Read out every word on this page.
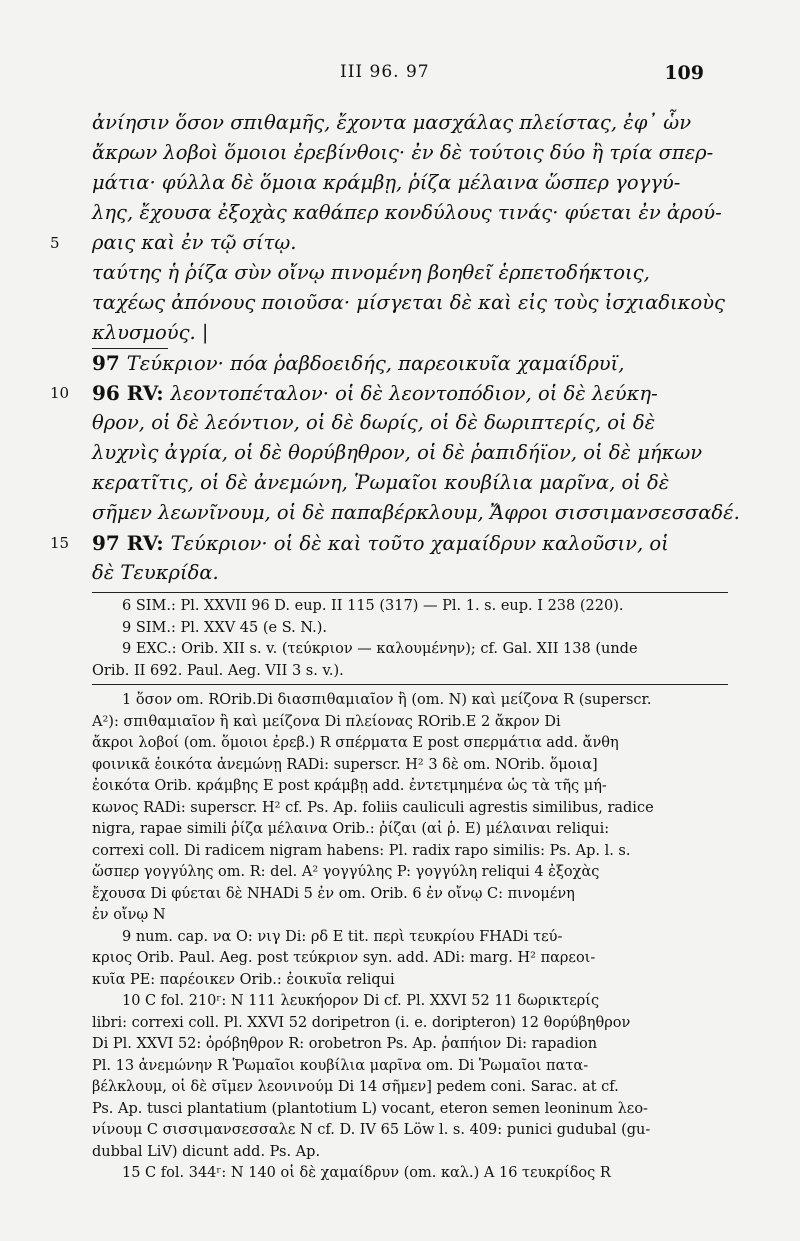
III 96. 97	109
ἀνίησιν ὅσον σπιθαμῆς, ἔχοντα μασχάλας πλείστας, ἐφ᾽ ὧν
ἄκρων λοβοὶ ὅμοιοι ἐρεβίνθοις· ἐν δὲ τούτοις δύο ἢ τρία σπερ-
μάτια· φύλλα δὲ ὅμοια κράμβῃ, ῥίζα μέλαινα ὥσπερ γογγύ-
λης, ἔχουσα ἐξοχὰς καθάπερ κονδύλους τινάς· φύεται ἐν ἀρού-
5 ραις καὶ ἐν τῷ σίτῳ.
ταύτης ἡ ῥίζα σὺν οἴνῳ πινομένη βοηθεῖ ἑρπετοδήκτοις,
ταχέως ἀπόνους ποιοῦσα· μίσγεται δὲ καὶ εἰς τοὺς ἰσχιαδικοὺς
κλυσμούς. |
97 Τεύκριον· πόα ῥαβδοειδής, παρεοικυῖα χαμαίδρυϊ,
10 96 RV: λεοντοπέταλον· οἱ δὲ λεοντοπόδιον, οἱ δὲ λεύκη-
θρον, οἱ δὲ λεόντιον, οἱ δὲ δωρίς, οἱ δὲ δωριπτερίς, οἱ δὲ
λυχνὶς ἀγρία, οἱ δὲ θορύβηθρον, οἱ δὲ ῥαπιδήϊον, οἱ δὲ μήκων
κερατῖτις, οἱ δὲ ἀνεμώνη, Ῥωμαῖοι κουβίλια μαρῖνα, οἱ δὲ
σῆμεν λεωνῖνουμ, οἱ δὲ παπαβέρκλουμ, Ἄφροι σισσιμανσεσσαδέ.
15 97 RV: Τεύκριον· οἱ δὲ καὶ τοῦτο χαμαίδρυν καλοῦσιν, οἱ
δὲ Τευκρίδα.
6 SIM.: Pl. XXVII 96 D. eup. II 115 (317) — Pl. 1. s. eup. I 238 (220).
9 SIM.: Pl. XXV 45 (e S. N.).
9 EXC.: Orib. XII s. v. (τεύκριον — καλουμένην); cf. Gal. XII 138 (unde
Orib. II 692. Paul. Aeg. VII 3 s. v.).
1 ὅσον om. ROrib.Di διασπιθαμιαῖον ἢ (om. N) καὶ μείζονα R (superscr.
A²): σπιθαμιαῖον ἢ καὶ μείζονα Di πλείονας ROrib.E 2 ἄκρον Di
ἄκροι λοβοί (om. ὅμοιοι ἐρεβ.) R σπέρματα E post σπερμάτια add. ἄνθη
φοινικᾶ ἐοικότα ἀνεμώνῃ RADi: superscr. H² 3 δὲ om. NOrib. ὅμοια]
ἐοικότα Orib. κράμβης E post κράμβῃ add. ἐντετμημένα ὡς τὰ τῆς μή-
κωνος RADi: superscr. H² cf. Ps. Ap. foliis cauliculi agrestis similibus, radice
nigra, rapae simili ῥίζα μέλαινα Orib.: ῥίζαι (αἱ ῥ. E) μέλαιναι reliqui:
correxi coll. Di radicem nigram habens: Pl. radix rapo similis: Ps. Ap. l. s.
ὥσπερ γογγύλης om. R: del. A² γογγύλης P: γογγύλη reliqui 4 ἐξοχὰς
ἔχουσα Di φύεται δὲ NHADi 5 ἐν om. Orib. 6 ἐν οἴνῳ C: πινομένη
ἐν οἴνῳ N
9 num. cap. να O: νιγ Di: ρδ E tit. περὶ τευκρίου FHADi τεύ-
κριος Orib. Paul. Aeg. post τεύκριον syn. add. ADi: marg. H² παρεοι-
κυῖα PE: παρέοικεν Orib.: ἐοικυῖα reliqui
10 C fol. 210ʳ: N 111 λευκήορον Di cf. Pl. XXVI 52 11 δωρικτερίς
libri: correxi coll. Pl. XXVI 52 doripetron (i. e. doripteron) 12 θορύβηθρον
Di Pl. XXVI 52: ὀρόβηθρον R: orobetron Ps. Ap. ῥαπήιον Di: rapadion
Pl. 13 ἀνεμώνην R Ῥωμαῖοι κουβίλια μαρῖνα om. Di Ῥωμαῖοι πατα-
βέλκλουμ, οἱ δὲ σῖμεν λεονινούμ Di 14 σῆμεν] pedem coni. Sarac. at cf.
Ps. Ap. tusci plantatium (plantotium L) vocant, eteron semen leoninum λεο-
νίνουμ C σισσιμανσεσσαλε N cf. D. IV 65 Löw l. s. 409: punici gudubal (gu-
dubbal LiV) dicunt add. Ps. Ap.
15 C fol. 344ʳ: N 140 οἱ δὲ χαμαίδρυν (om. καλ.) A 16 τευκρίδος R
